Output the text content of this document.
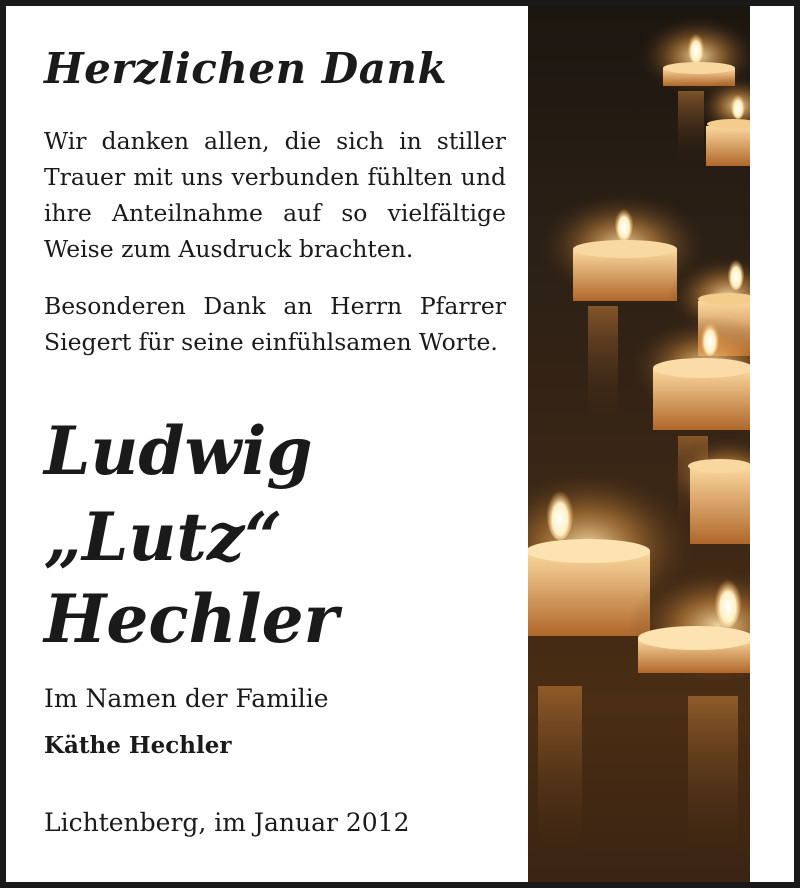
Herzlichen Dank
Wir danken allen, die sich in stiller Trauer mit uns verbunden fühlten und ihre Anteilnahme auf so vielfältige Weise zum Ausdruck brachten.
Besonderen Dank an Herrn Pfarrer Siegert für seine einfühlsamen Worte.
Ludwig
„Lutz“
Hechler
Im Namen der Familie
Käthe Hechler
Lichtenberg, im Januar 2012
